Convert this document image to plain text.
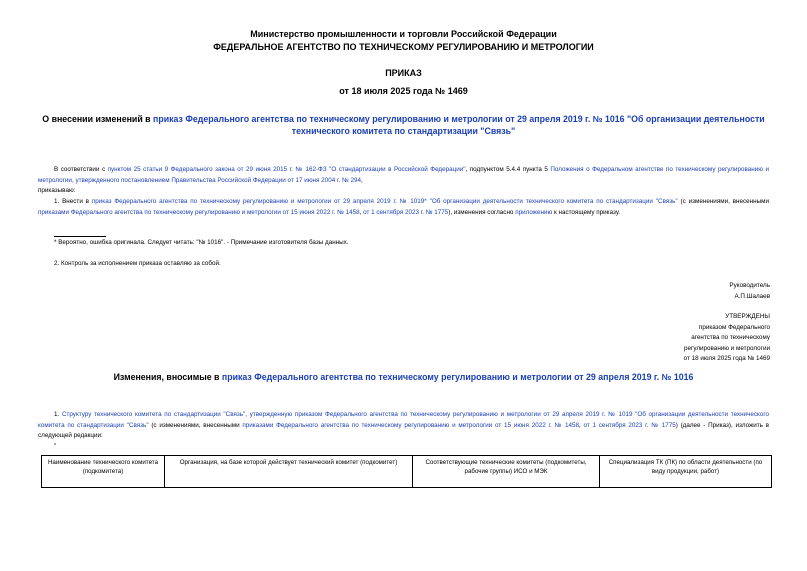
Министерство промышленности и торговли Российской Федерации
ФЕДЕРАЛЬНОЕ АГЕНТСТВО ПО ТЕХНИЧЕСКОМУ РЕГУЛИРОВАНИЮ И МЕТРОЛОГИИ
ПРИКАЗ
от 18 июля 2025 года № 1469
О внесении изменений в приказ Федерального агентства по техническому регулированию и метрологии от 29 апреля 2019 г. № 1016 "Об организации деятельности технического комитета по стандартизации "Связь"
В соответствии с пунктом 25 статьи 9 Федерального закона от 29 июня 2015 г. № 162-ФЗ "О стандартизации в Российской Федерации", подпунктом 5.4.4 пункта 5 Положения о Федеральном агентстве по техническому регулированию и метрологии, утвержденного постановлением Правительства Российской Федерации от 17 июня 2004 г. № 294,
приказываю:
1. Внести в приказ Федерального агентства по техническому регулированию и метрологии от 29 апреля 2019 г. № 1019* "Об организации деятельности технического комитета по стандартизации "Связь" (с изменениями, внесенными приказами Федерального агентства по техническому регулированию и метрологии от 15 июня 2022 г. № 1458, от 1 сентября 2023 г. № 1775), изменения согласно приложению к настоящему приказу.
* Вероятно, ошибка оригинала. Следует читать: "№ 1016". - Примечание изготовителя базы данных.
2. Контроль за исполнением приказа оставляю за собой.
Руководитель
А.П.Шалаев
УТВЕРЖДЕНЫ
приказом Федерального
агентства по техническому
регулированию и метрологии
от 18 июля 2025 года № 1469
Изменения, вносимые в приказ Федерального агентства по техническому регулированию и метрологии от 29 апреля 2019 г. № 1016
1. Структуру технического комитета по стандартизации "Связь", утвержденную приказом Федерального агентства по техническому регулированию и метрологии от 29 апреля 2019 г. № 1019 "Об организации деятельности технического комитета по стандартизации "Связь" (с изменениями, внесенными приказами Федерального агентства по техническому регулированию и метрологии от 15 июня 2022 г. № 1458, от 1 сентября 2023 г. № 1775) (далее - Приказ), изложить в следующей редакции:
"
Наименование технического комитета (подкомитета)	Организация, на базе которой действует технический комитет (подкомитет)	Соответствующие технические комитеты (подкомитеты, рабочие группы) ИСО и МЭК	Специализация ТК (ПК) по области деятельности (по виду продукции, работ)
